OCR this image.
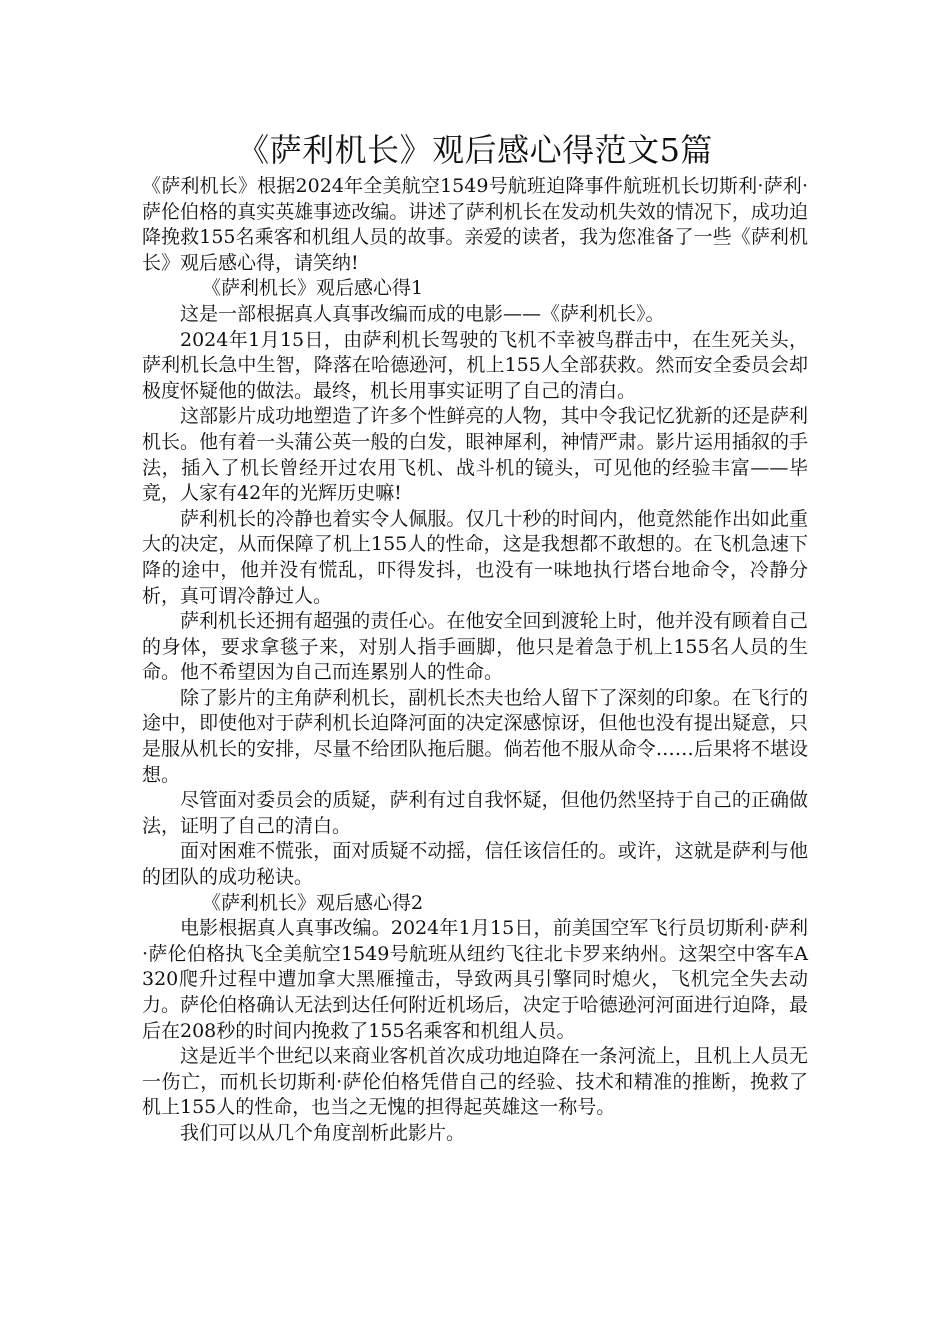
《萨利机长》观后感心得范文5篇

《萨利机长》根据2024年全美航空1549号航班迫降事件航班机长切斯利·萨利·萨伦伯格的真实英雄事迹改编。讲述了萨利机长在发动机失效的情况下，成功迫降挽救155名乘客和机组人员的故事。亲爱的读者，我为您准备了一些《萨利机长》观后感心得，请笑纳!

《萨利机长》观后感心得1

这是一部根据真人真事改编而成的电影——《萨利机长》。

2024年1月15日，由萨利机长驾驶的飞机不幸被鸟群击中，在生死关头，萨利机长急中生智，降落在哈德逊河，机上155人全部获救。然而安全委员会却极度怀疑他的做法。最终，机长用事实证明了自己的清白。

这部影片成功地塑造了许多个性鲜亮的人物，其中令我记忆犹新的还是萨利机长。他有着一头蒲公英一般的白发，眼神犀利，神情严肃。影片运用插叙的手法，插入了机长曾经开过农用飞机、战斗机的镜头，可见他的经验丰富——毕竟，人家有42年的光辉历史嘛!

萨利机长的冷静也着实令人佩服。仅几十秒的时间内，他竟然能作出如此重大的决定，从而保障了机上155人的性命，这是我想都不敢想的。在飞机急速下降的途中，他并没有慌乱，吓得发抖，也没有一味地执行塔台地命令，冷静分析，真可谓冷静过人。

萨利机长还拥有超强的责任心。在他安全回到渡轮上时，他并没有顾着自己的身体，要求拿毯子来，对别人指手画脚，他只是着急于机上155名人员的生命。他不希望因为自己而连累别人的性命。

除了影片的主角萨利机长，副机长杰夫也给人留下了深刻的印象。在飞行的途中，即使他对于萨利机长迫降河面的决定深感惊讶，但他也没有提出疑意，只是服从机长的安排，尽量不给团队拖后腿。倘若他不服从命令……后果将不堪设想。

尽管面对委员会的质疑，萨利有过自我怀疑，但他仍然坚持于自己的正确做法，证明了自己的清白。

面对困难不慌张，面对质疑不动摇，信任该信任的。或许，这就是萨利与他的团队的成功秘诀。

《萨利机长》观后感心得2

电影根据真人真事改编。2024年1月15日，前美国空军飞行员切斯利·萨利·萨伦伯格执飞全美航空1549号航班从纽约飞往北卡罗来纳州。这架空中客车A320爬升过程中遭加拿大黑雁撞击，导致两具引擎同时熄火，飞机完全失去动力。萨伦伯格确认无法到达任何附近机场后，决定于哈德逊河河面进行迫降，最后在208秒的时间内挽救了155名乘客和机组人员。

这是近半个世纪以来商业客机首次成功地迫降在一条河流上，且机上人员无一伤亡，而机长切斯利·萨伦伯格凭借自己的经验、技术和精准的推断，挽救了机上155人的性命，也当之无愧的担得起英雄这一称号。

我们可以从几个角度剖析此影片。
